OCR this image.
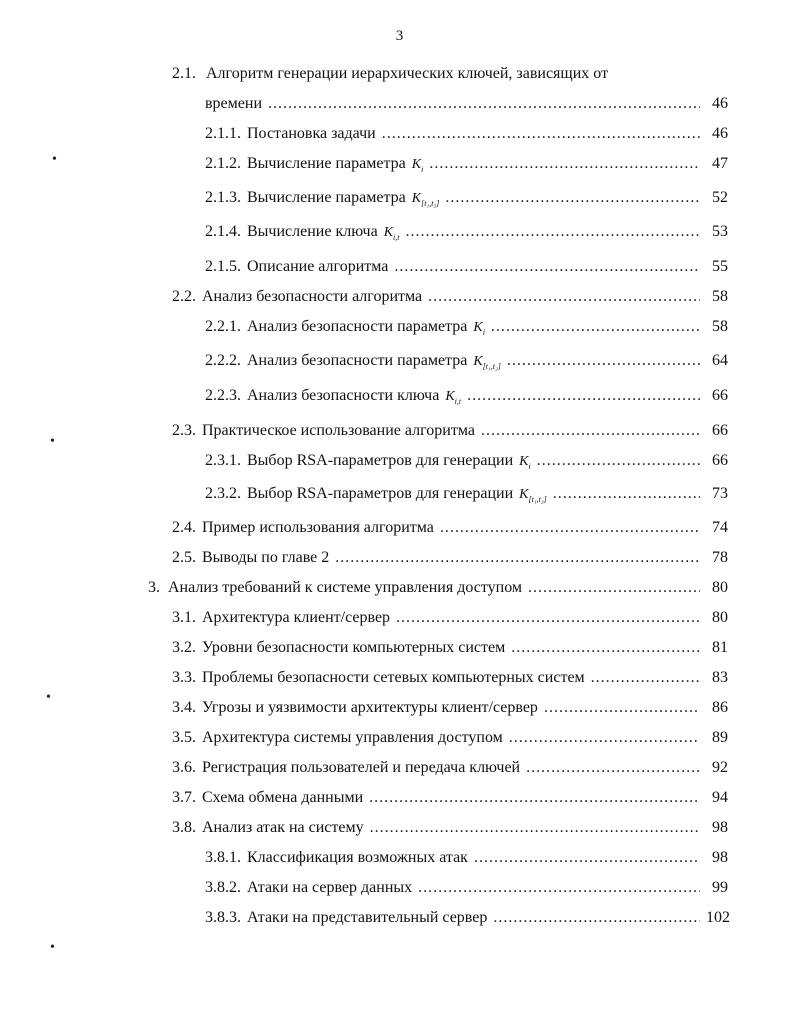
3
2.1. Алгоритм генерации иерархических ключей, зависящих от
времени .....	46
2.1.1. Постановка задачи .....	46
2.1.2. Вычисление параметра $K_i$ .....	47
2.1.3. Вычисление параметра $K_{[t_1,t_2]}$ .....	52
2.1.4. Вычисление ключа $K_{i,t}$ .....	53
2.1.5. Описание алгоритма .....	55
2.2. Анализ безопасности алгоритма .....	58
2.2.1. Анализ безопасности параметра $K_i$ .....	58
2.2.2. Анализ безопасности параметра $K_{[t_1,t_2]}$ .....	64
2.2.3. Анализ безопасности ключа $K_{i,t}$ .....	66
2.3. Практическое использование алгоритма .....	66
2.3.1. Выбор RSA-параметров для генерации $K_i$ .....	66
2.3.2. Выбор RSA-параметров для генерации $K_{[t_1,t_2]}$ .....	73
2.4. Пример использования алгоритма .....	74
2.5. Выводы по главе 2 .....	78
3. Анализ требований к системе управления доступом .....	80
3.1. Архитектура клиент/сервер .....	80
3.2. Уровни безопасности компьютерных систем .....	81
3.3. Проблемы безопасности сетевых компьютерных систем .....	83
3.4. Угрозы и уязвимости архитектуры клиент/сервер .....	86
3.5. Архитектура системы управления доступом .....	89
3.6. Регистрация пользователей и передача ключей .....	92
3.7. Схема обмена данными .....	94
3.8. Анализ атак на систему .....	98
3.8.1. Классификация возможных атак .....	98
3.8.2. Атаки на сервер данных .....	99
3.8.3. Атаки на представительный сервер .....	102
•
•
•
•
